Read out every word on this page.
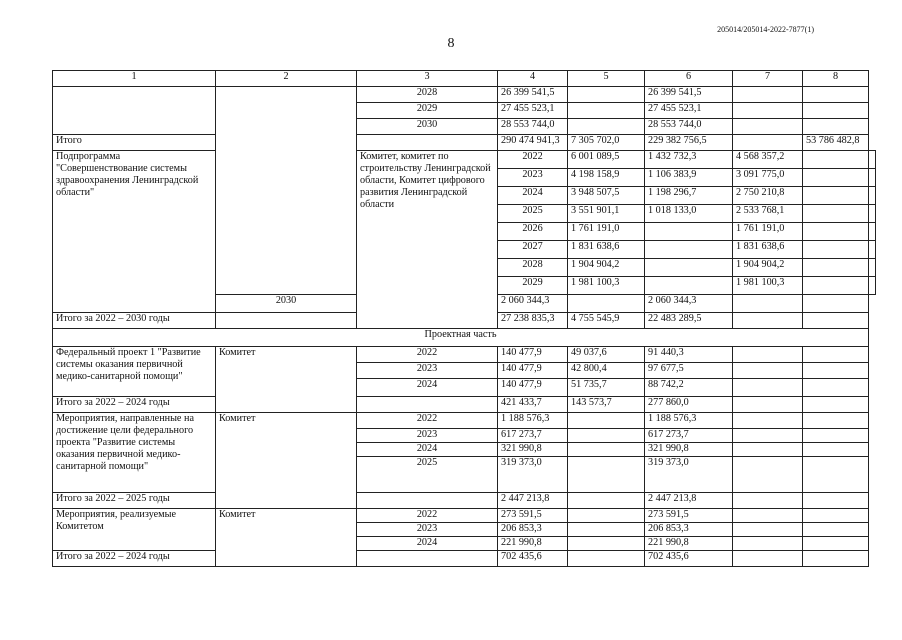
205014/205014-2022-7877(1)
8
1	2	3	4	5	6	7	8	
		2028	26 399 541,5		26 399 541,5			
		2029	27 455 523,1		27 455 523,1			
		2030	28 553 744,0		28 553 744,0			
Итого			290 474 941,3	7 305 702,0	229 382 756,5		53 786 482,8	
Подпрограмма "Совершенствование системы здравоохранения Ленинградской области"		Комитет, комитет по строительству Ленинградской области, Комитет цифрового развития Ленинградской области	2022	6 001 089,5	1 432 732,3	4 568 357,2		
			2023	4 198 158,9	1 106 383,9	3 091 775,0		
			2024	3 948 507,5	1 198 296,7	2 750 210,8		
			2025	3 551 901,1	1 018 133,0	2 533 768,1		
			2026	1 761 191,0		1 761 191,0		
			2027	1 831 638,6		1 831 638,6		
			2028	1 904 904,2		1 904 904,2		
			2029	1 981 100,3		1 981 100,3		
	2030		2 060 344,3		2 060 344,3			
Итого за 2022 – 2030 годы			27 238 835,3	4 755 545,9	22 483 289,5			
Проектная часть								
Федеральный проект 1 "Развитие системы оказания первичной медико-санитарной помощи"	Комитет	2022	140 477,9	49 037,6	91 440,3			
		2023	140 477,9	42 800,4	97 677,5			
		2024	140 477,9	51 735,7	88 742,2			
Итого за 2022 – 2024 годы			421 433,7	143 573,7	277 860,0			
Мероприятия, направленные на достижение цели федерального проекта "Развитие системы оказания первичной медико-санитарной помощи"	Комитет	2022	1 188 576,3		1 188 576,3			
		2023	617 273,7		617 273,7			
		2024	321 990,8		321 990,8			
		2025	319 373,0		319 373,0			
Итого за 2022 – 2025 годы			2 447 213,8		2 447 213,8			
Мероприятия, реализуемые Комитетом	Комитет	2022	273 591,5		273 591,5			
		2023	206 853,3		206 853,3			
		2024	221 990,8		221 990,8			
Итого за 2022 – 2024 годы			702 435,6		702 435,6			
